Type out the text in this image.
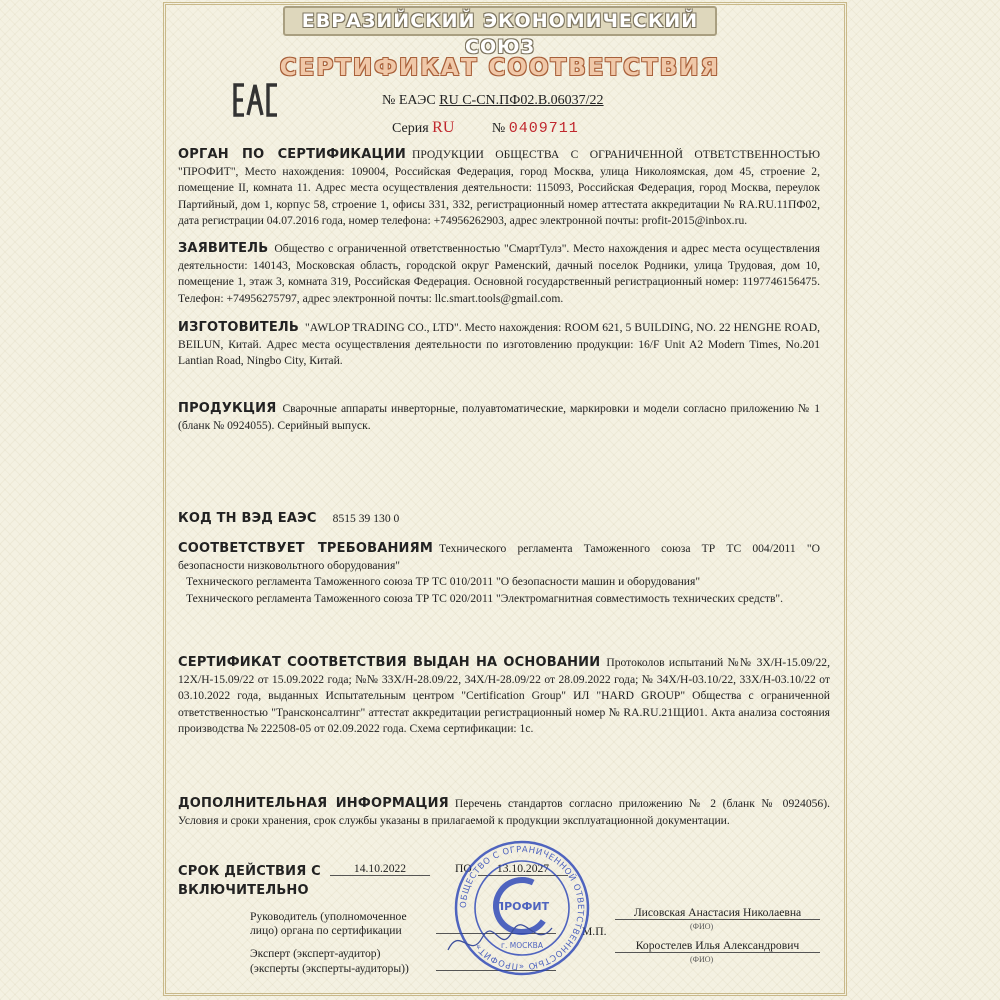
ЕВРАЗИЙСКИЙ ЭКОНОМИЧЕСКИЙ СОЮЗ
СЕРТИФИКАТ СООТВЕТСТВИЯ
№ ЕАЭС RU С-CN.ПФ02.В.06037/22
Серия RU	№ 0409711
ОРГАН ПО СЕРТИФИКАЦИИ ПРОДУКЦИИ ОБЩЕСТВА С ОГРАНИЧЕННОЙ ОТВЕТСТВЕННОСТЬЮ "ПРОФИТ", Место нахождения: 109004, Российская Федерация, город Москва, улица Николоямская, дом 45, строение 2, помещение II, комната 11. Адрес места осуществления деятельности: 115093, Российская Федерация, город Москва, переулок Партийный, дом 1, корпус 58, строение 1, офисы 331, 332, регистрационный номер аттестата аккредитации № RA.RU.11ПФ02, дата регистрации 04.07.2016 года, номер телефона: +74956262903, адрес электронной почты: profit-2015@inbox.ru.
ЗАЯВИТЕЛЬ Общество с ограниченной ответственностью "СмартТулз". Место нахождения и адрес места осуществления деятельности: 140143, Московская область, городской округ Раменский, дачный поселок Родники, улица Трудовая, дом 10, помещение 1, этаж 3, комната 319, Российская Федерация. Основной государственный регистрационный номер: 1197746156475. Телефон: +74956275797, адрес электронной почты: llc.smart.tools@gmail.com.
ИЗГОТОВИТЕЛЬ "AWLOP TRADING CO., LTD". Место нахождения: ROOM 621, 5 BUILDING, NO. 22 HENGHE ROAD, BEILUN, Китай. Адрес места осуществления деятельности по изготовлению продукции: 16/F Unit A2 Modern Times, No.201 Lantian Road, Ningbo City, Китай.
ПРОДУКЦИЯ Сварочные аппараты инверторные, полуавтоматические, маркировки и модели согласно приложению № 1 (бланк № 0924055). Серийный выпуск.
КОД ТН ВЭД ЕАЭС 8515 39 130 0
СООТВЕТСТВУЕТ ТРЕБОВАНИЯМ Технического регламента Таможенного союза ТР ТС 004/2011 "О безопасности низковольтного оборудования"
Технического регламента Таможенного союза ТР ТС 010/2011 "О безопасности машин и оборудования"
Технического регламента Таможенного союза ТР ТС 020/2011 "Электромагнитная совместимость технических средств".
СЕРТИФИКАТ СООТВЕТСТВИЯ ВЫДАН НА ОСНОВАНИИ Протоколов испытаний №№ 3Х/Н-15.09/22, 12Х/Н-15.09/22 от 15.09.2022 года; №№ 33Х/Н-28.09/22, 34Х/Н-28.09/22 от 28.09.2022 года; № 34Х/Н-03.10/22, 33Х/Н-03.10/22 от 03.10.2022 года, выданных Испытательным центром "Certification Group" ИЛ "HARD GROUP" Общества с ограниченной ответственностью "Трансконсалтинг" аттестат аккредитации регистрационный номер № RA.RU.21ЩИ01. Акта анализа состояния производства № 222508-05 от 02.09.2022 года. Схема сертификации: 1с.
ДОПОЛНИТЕЛЬНАЯ ИНФОРМАЦИЯ Перечень стандартов согласно приложению № 2 (бланк № 0924056). Условия и сроки хранения, срок службы указаны в прилагаемой к продукции эксплуатационной документации.
СРОК ДЕЙСТВИЯ С
ВКЛЮЧИТЕЛЬНО
14.10.2022	ПО	13.10.2027
Руководитель (уполномоченное
лицо) органа по сертификации
Лисовская Анастасия Николаевна
(ФИО)
М.П.
Эксперт (эксперт-аудитор)
(эксперты (эксперты-аудиторы))
Коростелев Илья Александрович
(ФИО)
ОБЩЕСТВО С ОГРАНИЧЕННОЙ ОТВЕТСТВЕННОСТЬЮ «ПРОФИТ»
ПРОФИТ
г. МОСКВА
